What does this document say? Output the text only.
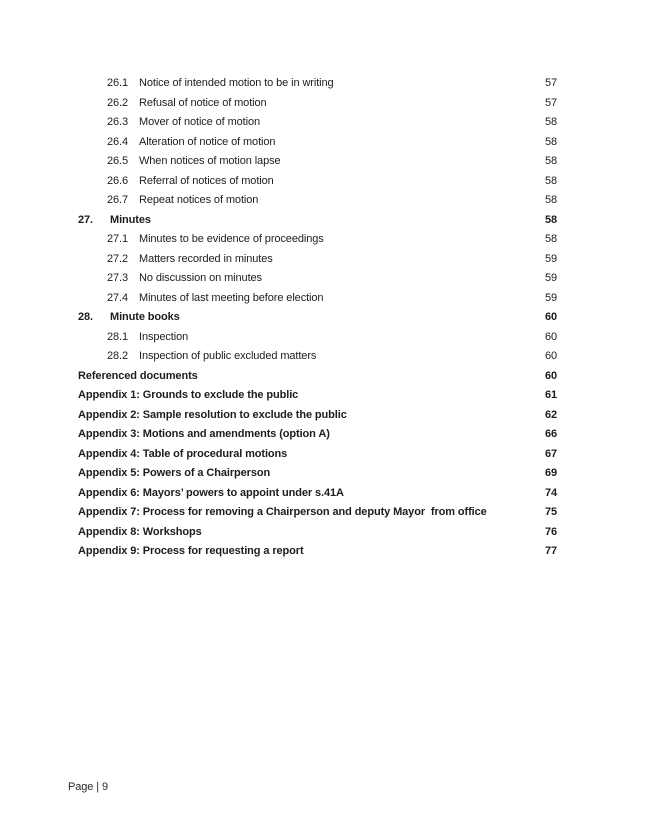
26.1 Notice of intended motion to be in writing	57
26.2 Refusal of notice of motion	57
26.3 Mover of notice of motion	58
26.4 Alteration of notice of motion	58
26.5 When notices of motion lapse	58
26.6 Referral of notices of motion	58
26.7 Repeat notices of motion	58
27.	Minutes	58
27.1 Minutes to be evidence of proceedings	58
27.2 Matters recorded in minutes	59
27.3 No discussion on minutes	59
27.4 Minutes of last meeting before election	59
28.	Minute books	60
28.1 Inspection	60
28.2 Inspection of public excluded matters	60
Referenced documents	60
Appendix 1: Grounds to exclude the public	61
Appendix 2: Sample resolution to exclude the public	62
Appendix 3: Motions and amendments (option A)	66
Appendix 4: Table of procedural motions	67
Appendix 5: Powers of a Chairperson	69
Appendix 6: Mayors’ powers to appoint under s.41A	74
Appendix 7: Process for removing a Chairperson and deputy Mayor  from office	75
Appendix 8: Workshops	76
Appendix 9: Process for requesting a report	77
Page | 9
